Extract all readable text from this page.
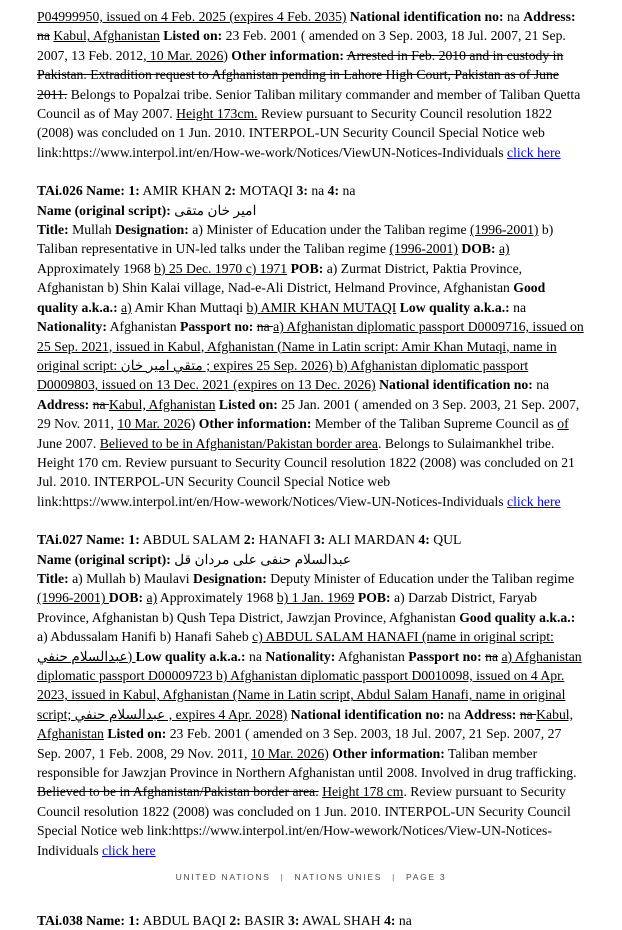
P04999950, issued on 4 Feb. 2025 (expires 4 Feb. 2035) National identification no: na Address: na Kabul, Afghanistan Listed on: 23 Feb. 2001 ( amended on 3 Sep. 2003, 18 Jul. 2007, 21 Sep. 2007, 13 Feb. 2012, 10 Mar. 2026) Other information: Arrested in Feb. 2010 and in custody in Pakistan. Extradition request to Afghanistan pending in Lahore High Court, Pakistan as of June 2011. Belongs to Popalzai tribe. Senior Taliban military commander and member of Taliban Quetta Council as of May 2007. Height 173cm. Review pursuant to Security Council resolution 1822 (2008) was concluded on 1 Jun. 2010. INTERPOL-UN Security Council Special Notice web link:https://www.interpol.int/en/How-we-work/Notices/ViewUN-Notices-Individuals click here

TAi.026 Name: 1: AMIR KHAN 2: MOTAQI 3: na 4: na

Name (original script): امير خان متقى

Title: Mullah Designation: a) Minister of Education under the Taliban regime (1996-2001) b) Taliban representative in UN-led talks under the Taliban regime (1996-2001) DOB: a) Approximately 1968 b) 25 Dec. 1970 c) 1971 POB: a) Zurmat District, Paktia Province, Afghanistan b) Shin Kalai village, Nad-e-Ali District, Helmand Province, Afghanistan Good quality a.k.a.: a) Amir Khan Muttaqi b) AMIR KHAN MUTAQI Low quality a.k.a.: na Nationality: Afghanistan Passport no: na a) Afghanistan diplomatic passport D0009716, issued on 25 Sep. 2021, issued in Kabul, Afghanistan (Name in Latin script: Amir Khan Mutaqi, name in original script: متقي امير خان ; expires 25 Sep. 2026) b) Afghanistan diplomatic passport D0009803, issued on 13 Dec. 2021 (expires on 13 Dec. 2026) National identification no: na Address: na Kabul, Afghanistan Listed on: 25 Jan. 2001 ( amended on 3 Sep. 2003, 21 Sep. 2007, 29 Nov. 2011, 10 Mar. 2026) Other information: Member of the Taliban Supreme Council as of June 2007. Believed to be in Afghanistan/Pakistan border area. Belongs to Sulaimankhel tribe. Height 170 cm. Review pursuant to Security Council resolution 1822 (2008) was concluded on 21 Jul. 2010. INTERPOL-UN Security Council Special Notice web link:https://www.interpol.int/en/How-wework/Notices/View-UN-Notices-Individuals click here

TAi.027 Name: 1: ABDUL SALAM 2: HANAFI 3: ALI MARDAN 4: QUL

Name (original script): عبدالسلام حنفى على مردان قل

Title: a) Mullah b) Maulavi Designation: Deputy Minister of Education under the Taliban regime (1996-2001) DOB: a) Approximately 1968 b) 1 Jan. 1969 POB: a) Darzab District, Faryab Province, Afghanistan b) Qush Tepa District, Jawzjan Province, Afghanistan Good quality a.k.a.: a) Abdussalam Hanifi b) Hanafi Saheb c) ABDUL SALAM HANAFI (name in original script: عبدالسلام حنفي) Low quality a.k.a.: na Nationality: Afghanistan Passport no: na a) Afghanistan diplomatic passport D00009723 b) Afghanistan diplomatic passport D0010098, issued on 4 Apr. 2023, issued in Kabul, Afghanistan (Name in Latin script, Abdul Salam Hanafi, name in original script; عبدالسلام حنفي , expires 4 Apr. 2028) National identification no: na Address: na Kabul, Afghanistan Listed on: 23 Feb. 2001 ( amended on 3 Sep. 2003, 18 Jul. 2007, 21 Sep. 2007, 27 Sep. 2007, 1 Feb. 2008, 29 Nov. 2011, 10 Mar. 2026) Other information: Taliban member responsible for Jawzjan Province in Northern Afghanistan until 2008. Involved in drug trafficking. Believed to be in Afghanistan/Pakistan border area. Height 178 cm. Review pursuant to Security Council resolution 1822 (2008) was concluded on 1 Jun. 2010. INTERPOL-UN Security Council Special Notice web link:https://www.interpol.int/en/How-wework/Notices/View-UN-Notices-Individuals click here

TAi.038 Name: 1: ABDUL BAQI 2: BASIR 3: AWAL SHAH 4: na

UNITED NATIONS | NATIONS UNIES | PAGE 3
